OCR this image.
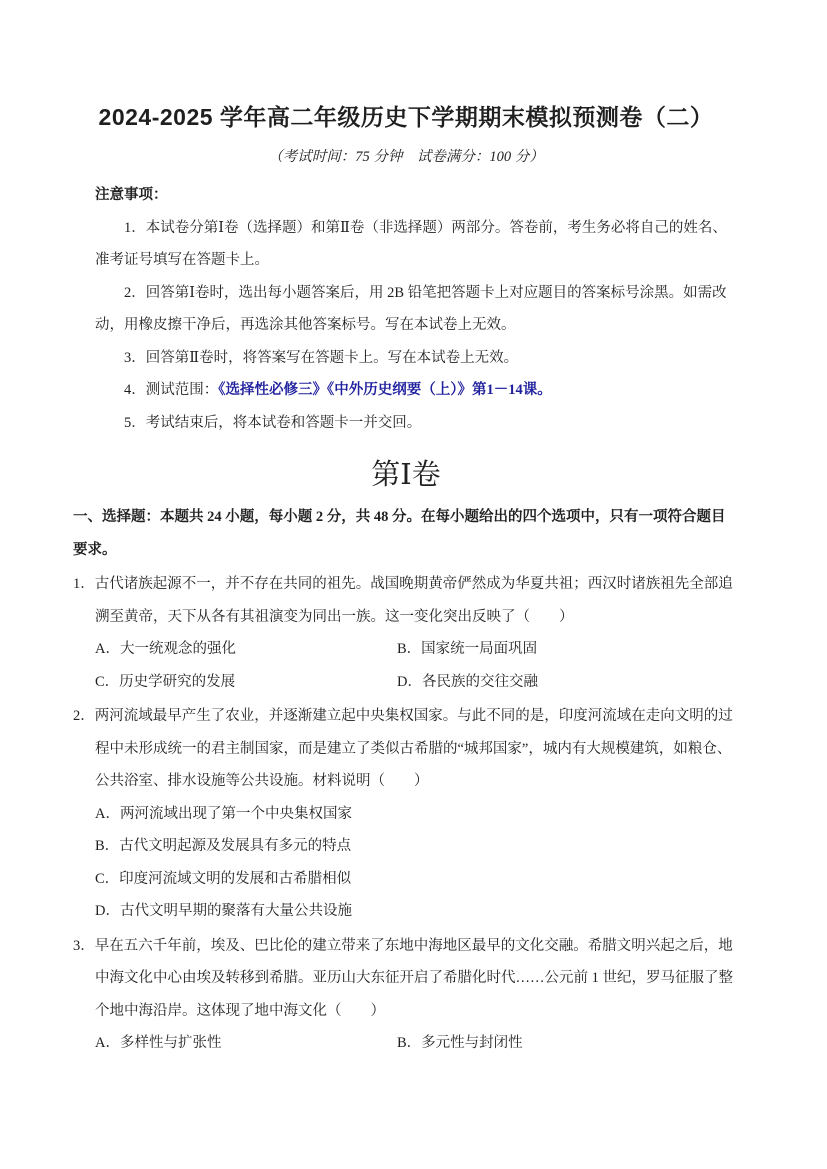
2024-2025 学年高二年级历史下学期期末模拟预测卷（二）

（考试时间：75 分钟　试卷满分：100 分）

注意事项：

1．本试卷分第Ⅰ卷（选择题）和第Ⅱ卷（非选择题）两部分。答卷前，考生务必将自己的姓名、准考证号填写在答题卡上。

2．回答第Ⅰ卷时，选出每小题答案后，用 2B 铅笔把答题卡上对应题目的答案标号涂黑。如需改动，用橡皮擦干净后，再选涂其他答案标号。写在本试卷上无效。

3．回答第Ⅱ卷时，将答案写在答题卡上。写在本试卷上无效。

4．测试范围：《选择性必修三》《中外历史纲要（上）》第1－14课。

5．考试结束后，将本试卷和答题卡一并交回。

第Ⅰ卷

一、选择题：本题共 24 小题，每小题 2 分，共 48 分。在每小题给出的四个选项中，只有一项符合题目要求。

1．古代诸族起源不一，并不存在共同的祖先。战国晚期黄帝俨然成为华夏共祖；西汉时诸族祖先全部追溯至黄帝，天下从各有其祖演变为同出一族。这一变化突出反映了（　　）

A．大一统观念的强化	B．国家统一局面巩固

C．历史学研究的发展	D．各民族的交往交融

2．两河流域最早产生了农业，并逐渐建立起中央集权国家。与此不同的是，印度河流域在走向文明的过程中未形成统一的君主制国家，而是建立了类似古希腊的“城邦国家”，城内有大规模建筑，如粮仓、公共浴室、排水设施等公共设施。材料说明（　　）

A．两河流域出现了第一个中央集权国家

B．古代文明起源及发展具有多元的特点

C．印度河流域文明的发展和古希腊相似

D．古代文明早期的聚落有大量公共设施

3．早在五六千年前，埃及、巴比伦的建立带来了东地中海地区最早的文化交融。希腊文明兴起之后，地中海文化中心由埃及转移到希腊。亚历山大东征开启了希腊化时代……公元前 1 世纪，罗马征服了整个地中海沿岸。这体现了地中海文化（　　）

A．多样性与扩张性	B．多元性与封闭性
